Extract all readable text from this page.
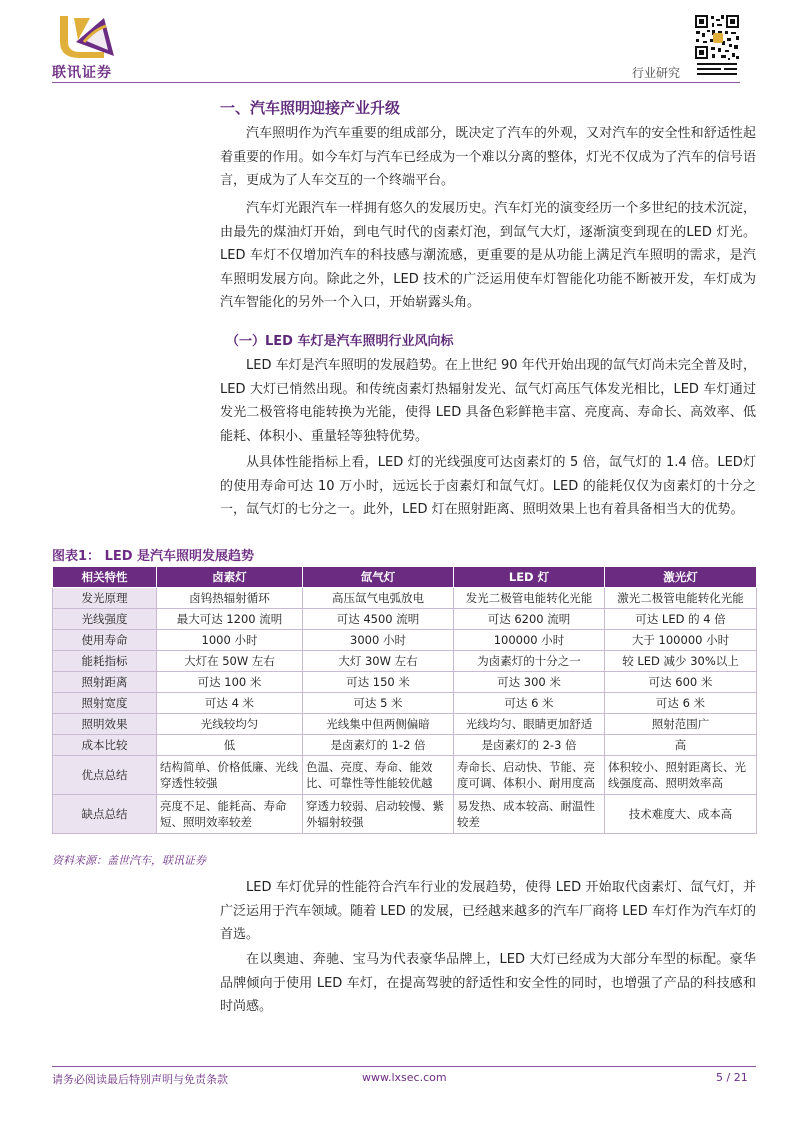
联讯证券	行业研究
一、汽车照明迎接产业升级
汽车照明作为汽车重要的组成部分，既决定了汽车的外观，又对汽车的安全性和舒适性起着重要的作用。如今车灯与汽车已经成为一个难以分离的整体，灯光不仅成为了汽车的信号语言，更成为了人车交互的一个终端平台。
汽车灯光跟汽车一样拥有悠久的发展历史。汽车灯光的演变经历一个多世纪的技术沉淀，由最先的煤油灯开始，到电气时代的卤素灯泡，到氙气大灯，逐渐演变到现在的LED 灯光。LED 车灯不仅增加汽车的科技感与潮流感，更重要的是从功能上满足汽车照明的需求，是汽车照明发展方向。除此之外，LED 技术的广泛运用使车灯智能化功能不断被开发，车灯成为汽车智能化的另外一个入口，开始崭露头角。
（一）LED 车灯是汽车照明行业风向标
LED 车灯是汽车照明的发展趋势。在上世纪 90 年代开始出现的氙气灯尚未完全普及时，LED 大灯已悄然出现。和传统卤素灯热辐射发光、氙气灯高压气体发光相比，LED 车灯通过发光二极管将电能转换为光能，使得 LED 具备色彩鲜艳丰富、亮度高、寿命长、高效率、低能耗、体积小、重量轻等独特优势。
从具体性能指标上看，LED 灯的光线强度可达卤素灯的 5 倍，氙气灯的 1.4 倍。LED灯的使用寿命可达 10 万小时，远远长于卤素灯和氙气灯。LED 的能耗仅仅为卤素灯的十分之一，氙气灯的七分之一。此外，LED 灯在照射距离、照明效果上也有着具备相当大的优势。
图表1： LED 是汽车照明发展趋势
相关特性	卤素灯	氙气灯	LED 灯	激光灯
发光原理	卤钨热辐射循环	高压氙气电弧放电	发光二极管电能转化光能	激光二极管电能转化光能
光线强度	最大可达 1200 流明	可达 4500 流明	可达 6200 流明	可达 LED 的 4 倍
使用寿命	1000 小时	3000 小时	100000 小时	大于 100000 小时
能耗指标	大灯在 50W 左右	大灯 30W 左右	为卤素灯的十分之一	较 LED 减少 30%以上
照射距离	可达 100 米	可达 150 米	可达 300 米	可达 600 米
照射宽度	可达 4 米	可达 5 米	可达 6 米	可达 6 米
照明效果	光线较均匀	光线集中但两侧偏暗	光线均匀、眼睛更加舒适	照射范围广
成本比较	低	是卤素灯的 1-2 倍	是卤素灯的 2-3 倍	高
优点总结	结构简单、价格低廉、光线穿透性较强	色温、亮度、寿命、能效比、可靠性等性能较优越	寿命长、启动快、节能、亮度可调、体积小、耐用度高	体积较小、照射距离长、光线强度高、照明效率高
缺点总结	亮度不足、能耗高、寿命短、照明效率较差	穿透力较弱、启动较慢、紫外辐射较强	易发热、成本较高、耐温性较差	技术难度大、成本高
资料来源：盖世汽车，联讯证券
LED 车灯优异的性能符合汽车行业的发展趋势，使得 LED 开始取代卤素灯、氙气灯，并广泛运用于汽车领域。随着 LED 的发展，已经越来越多的汽车厂商将 LED 车灯作为汽车灯的首选。
在以奥迪、奔驰、宝马为代表豪华品牌上，LED 大灯已经成为大部分车型的标配。豪华品牌倾向于使用 LED 车灯，在提高驾驶的舒适性和安全性的同时，也增强了产品的科技感和时尚感。
请务必阅读最后特别声明与免责条款	www.lxsec.com	5 / 21
